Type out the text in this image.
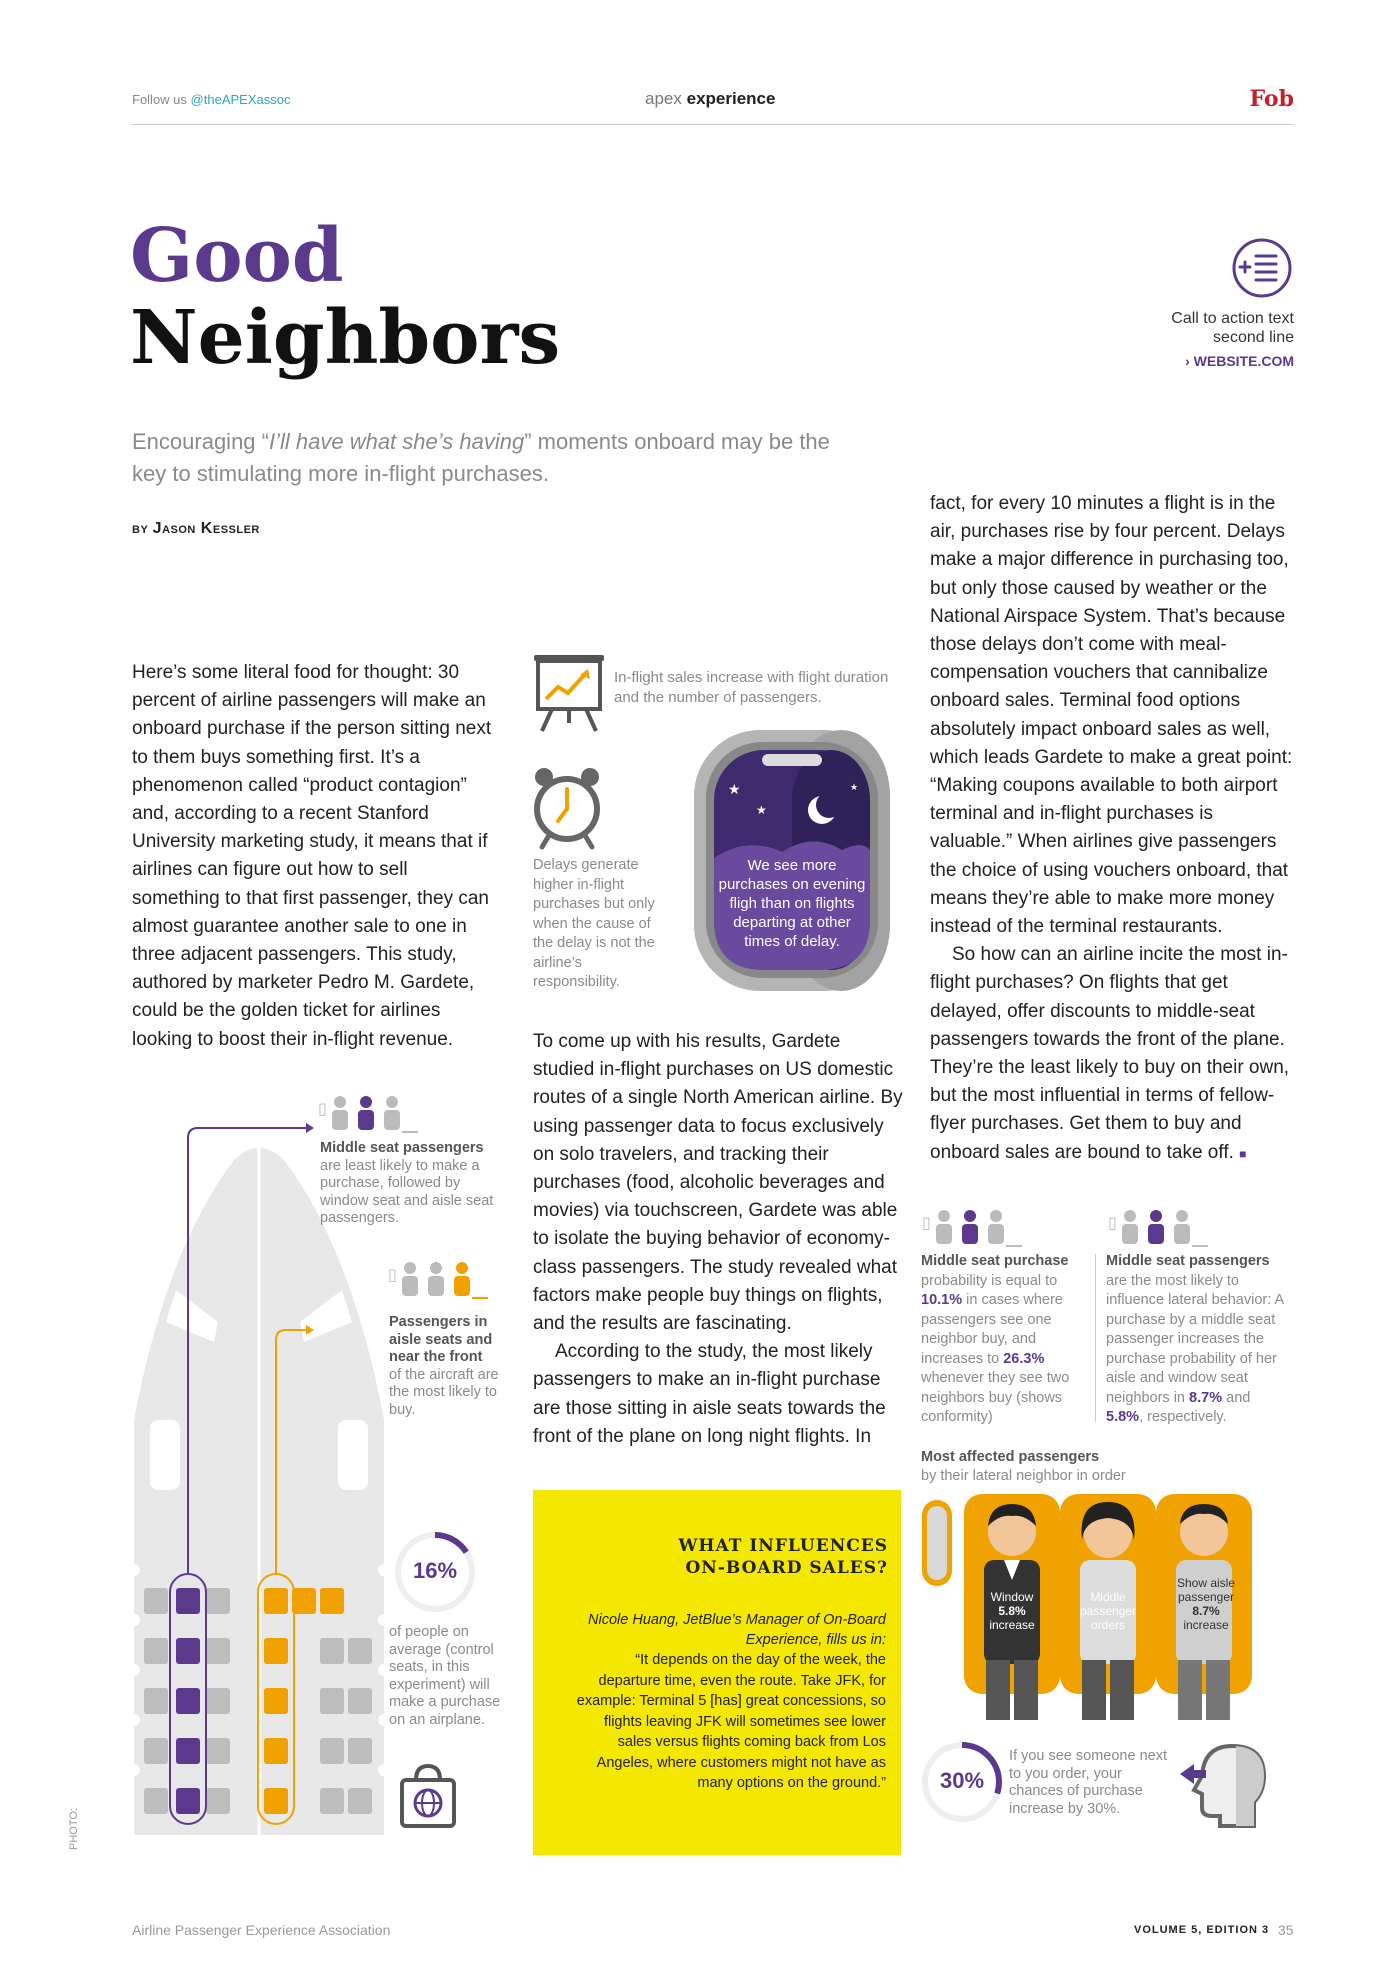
Follow us @theAPEXassoc	apex experience	Fob
Good
Neighbors	Call to action text
second line
› WEBSITE.COM
Encouraging “I’ll have what she’s having” moments onboard may be the key to stimulating more in-flight purchases.
BY Jason Kessler

Here’s some literal food for thought: 30 percent of airline passengers will make an onboard purchase if the person sitting next to them buys something first. It’s a phenomenon called “product contagion” and, according to a recent Stanford University marketing study, it means that if airlines can figure out how to sell something to that first passenger, they can almost guarantee another sale to one in three adjacent passengers. This study, authored by marketer Pedro M. Gardete, could be the golden ticket for airlines looking to boost their in-flight revenue.

In-flight sales increase with flight duration and the number of passengers.

Delays generate higher in-flight purchases but only when the cause of the delay is not the airline’s responsibility.

★
★
★

We see more purchases on evening fligh than on flights departing at other times of delay.

To come up with his results, Gardete studied in-flight purchases on US domestic routes of a single North American airline. By using passenger data to focus exclusively on solo travelers, and tracking their purchases (food, alcoholic beverages and movies) via touchscreen, Gardete was able to isolate the buying behavior of economy-class passengers. The study revealed what factors make people buy things on flights, and the results are fascinating.

According to the study, the most likely passengers to make an in-flight purchase are those sitting in aisle seats towards the front of the plane on long night flights. In

fact, for every 10 minutes a flight is in the air, purchases rise by four percent. Delays make a major difference in purchasing too, but only those caused by weather or the National Airspace System. That’s because those delays don’t come with meal-compensation vouchers that cannibalize onboard sales. Terminal food options absolutely impact onboard sales as well, which leads Gardete to make a great point: “Making coupons available to both airport terminal and in-flight purchases is valuable.” When airlines give passengers the choice of using vouchers onboard, that means they’re able to make more money instead of the terminal restaurants.

So how can an airline incite the most in-flight purchases? On flights that get delayed, offer discounts to middle-seat passengers towards the front of the plane. They’re the least likely to buy on their own, but the most influential in terms of fellow-flyer purchases. Get them to buy and onboard sales are bound to take off. ■

▯
Middle seat passengers
are least likely to make a purchase, followed by window seat and aisle seat passengers.
▯
Passengers in aisle seats and near the front
of the aircraft are the most likely to buy.
16%

of people on average (control seats, in this experiment) will make a purchase on an airplane.

WHAT INFLUENCES
ON-BOARD SALES?

Nicole Huang, JetBlue’s Manager of On-Board Experience, fills us in:

“It depends on the day of the week, the departure time, even the route. Take JFK, for example: Terminal 5 [has] great concessions, so flights leaving JFK will sometimes see lower sales versus flights coming back from Los Angeles, where customers might not have as many options on the ground.”

▯	▯
Middle seat purchase
probability is equal to 10.1% in cases where passengers see one neighbor buy, and increases to 26.3% whenever they see two neighbors buy (shows conformity)
Middle seat passengers
are the most likely to influence lateral behavior: A purchase by a middle seat passenger increases the purchase probability of her aisle and window seat neighbors in 8.7% and 5.8%, respectively.
Most affected passengers
by their lateral neighbor in order
Window
5.8%
increase
Middle
passenger
orders
Show aisle
passenger
8.7%
increase
30%

If you see someone next to you order, your chances of purchase increase by 30%.

PHOTO:
Airline Passenger Experience Association	VOLUME 5, EDITION 3 35
